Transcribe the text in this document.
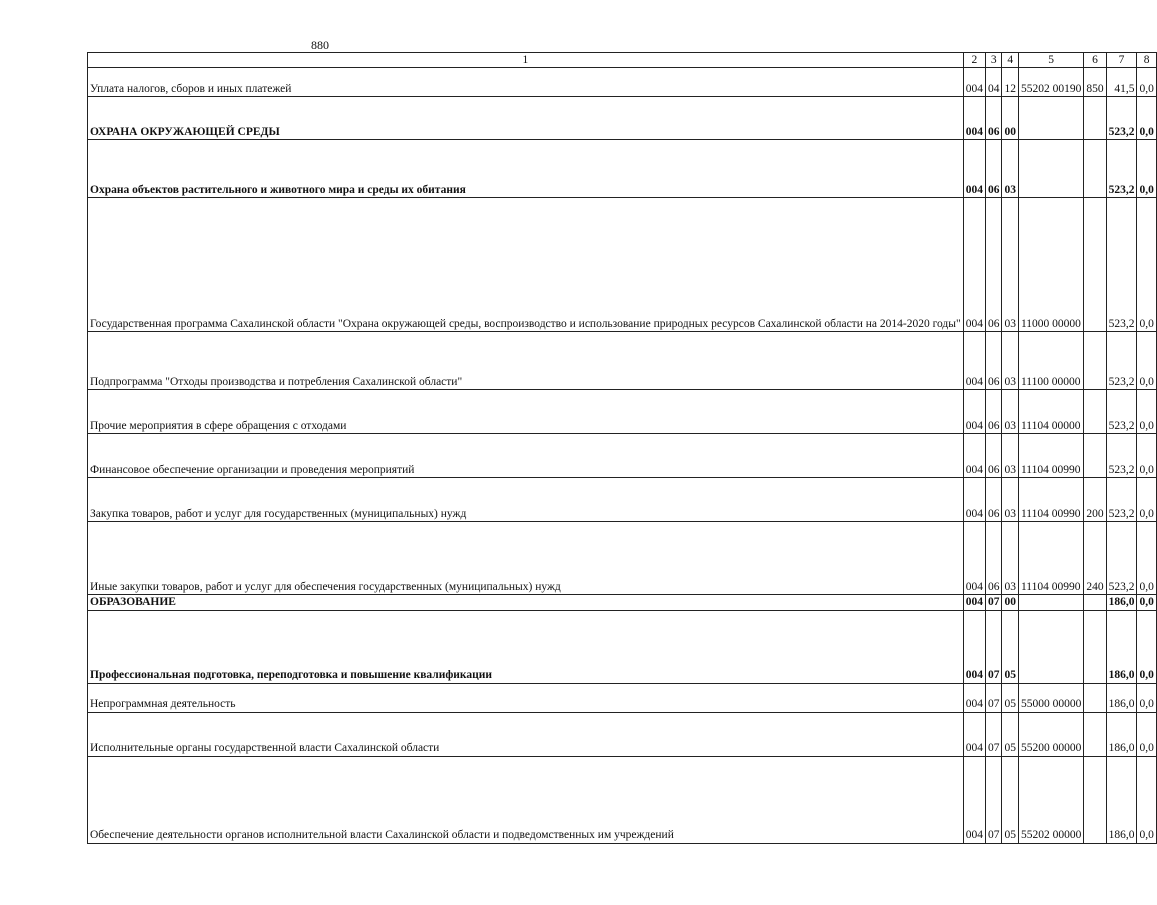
880
1	2	3	4	5	6	7	8
Уплата налогов, сборов и иных платежей	004	04	12	55202 00190	850	41,5	0,0
ОХРАНА ОКРУЖАЮЩЕЙ СРЕДЫ	004	06	00			523,2	0,0
Охрана объектов растительного и животного мира и среды их обитания	004	06	03			523,2	0,0
Государственная программа Сахалинской области "Охрана окружающей среды, воспроизводство и использование природных ресурсов Сахалинской области на 2014-2020 годы"	004	06	03	11000 00000		523,2	0,0
Подпрограмма "Отходы производства и потребления Сахалинской области"	004	06	03	11100 00000		523,2	0,0
Прочие мероприятия в сфере обращения с отходами	004	06	03	11104 00000		523,2	0,0
Финансовое обеспечение организации и проведения мероприятий	004	06	03	11104 00990		523,2	0,0
Закупка товаров, работ и услуг для государственных (муниципальных) нужд	004	06	03	11104 00990	200	523,2	0,0
Иные закупки товаров, работ и услуг для обеспечения государственных (муниципальных) нужд	004	06	03	11104 00990	240	523,2	0,0
ОБРАЗОВАНИЕ	004	07	00			186,0	0,0
Профессиональная подготовка, переподготовка и повышение квалификации	004	07	05			186,0	0,0
Непрограммная деятельность	004	07	05	55000 00000		186,0	0,0
Исполнительные органы государственной власти Сахалинской области	004	07	05	55200 00000		186,0	0,0
Обеспечение деятельности органов исполнительной власти Сахалинской области и подведомственных им учреждений	004	07	05	55202 00000		186,0	0,0
